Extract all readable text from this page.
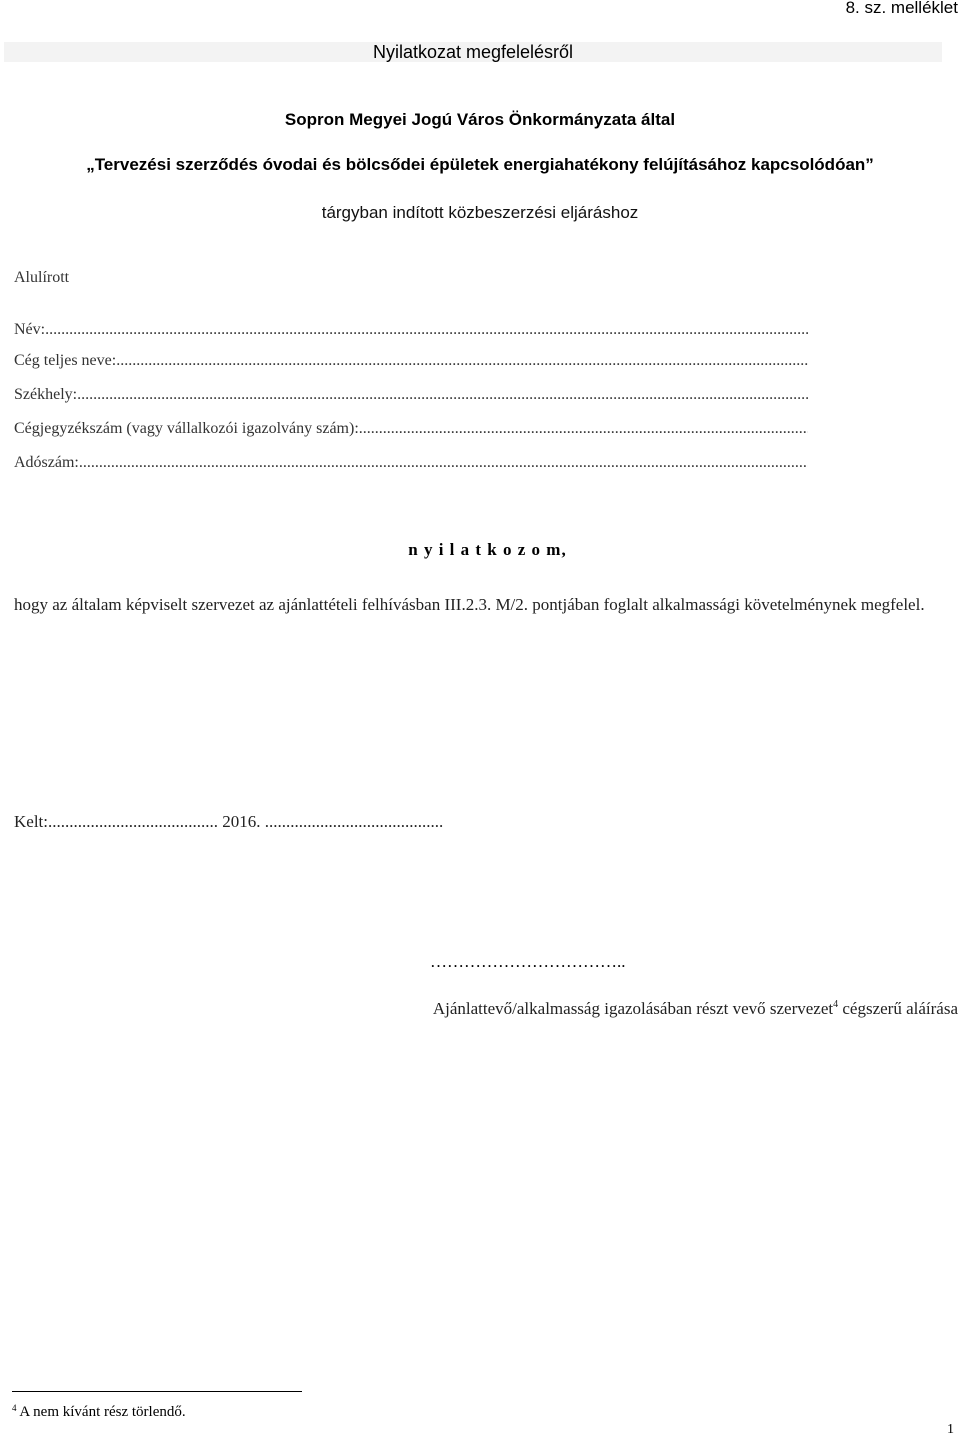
8. sz. melléklet
Nyilatkozat megfelelésről
Sopron Megyei Jogú Város Önkormányzata által
„Tervezési szerződés óvodai és bölcsődei épületek energiahatékony felújításához kapcsolódóan”
tárgyban indított közbeszerzési eljáráshoz
Alulírott
Név: .....
Cég teljes neve: .....
Székhely: .....
Cégjegyzékszám (vagy vállalkozói igazolvány szám): .....
Adószám: .....
n y i l a t k o z o m,
hogy az általam képviselt szervezet az ajánlattételi felhívásban III.2.3. M/2. pontjában foglalt alkalmassági követelménynek megfelel.
Kelt:........................................ 2016. ..........................................
……………………………..
Ajánlattevő/alkalmasság igazolásában részt vevő szervezet$^4$ cégszerű aláírása
$^4$ A nem kívánt rész törlendő.
1
